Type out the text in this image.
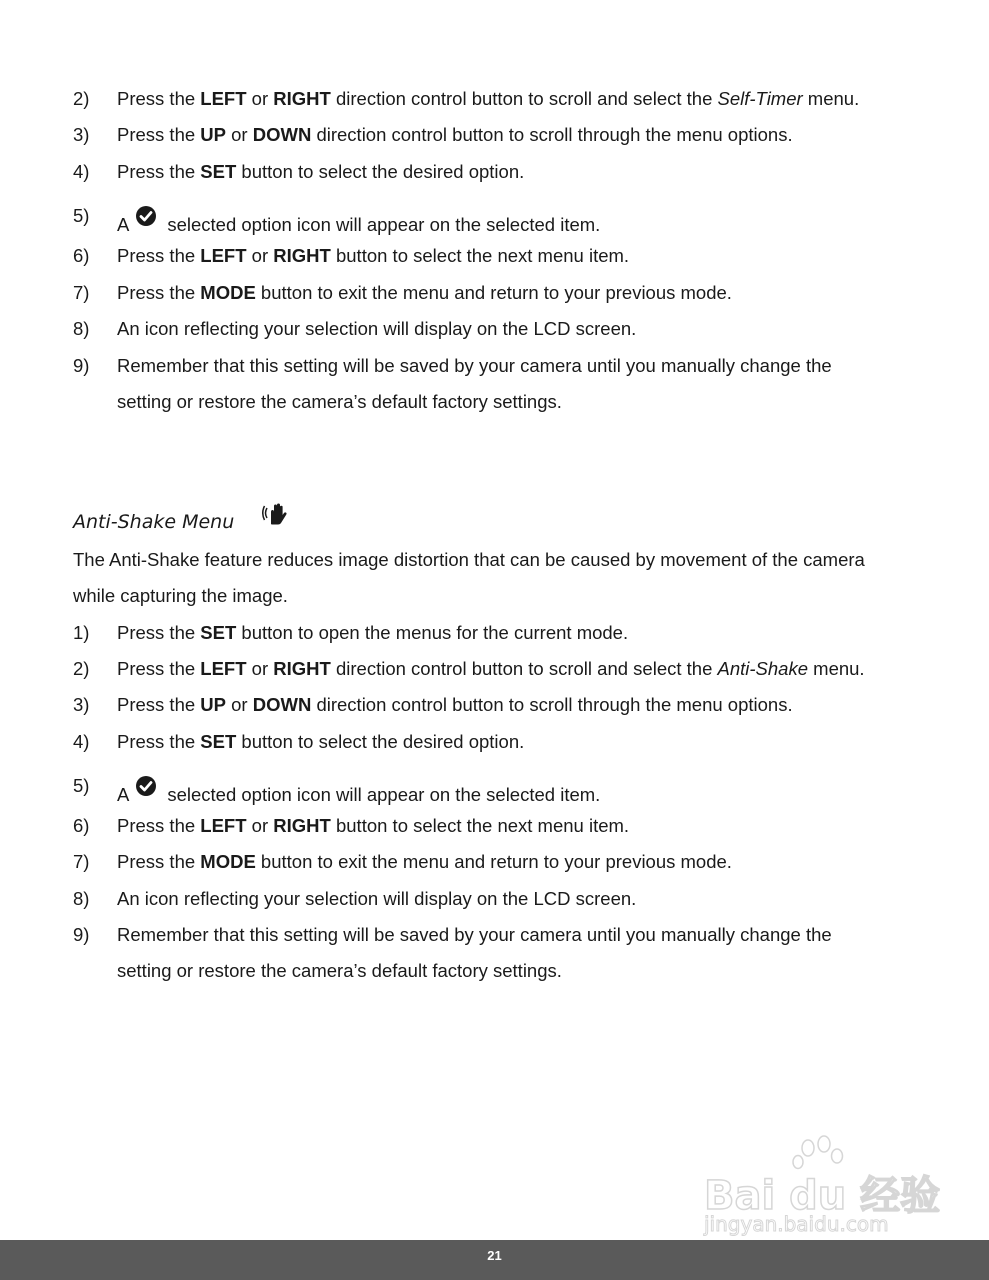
2) Press the LEFT or RIGHT direction control button to scroll and select the Self-Timer menu.
3) Press the UP or DOWN direction control button to scroll through the menu options.
4) Press the SET button to select the desired option.
5) A selected option icon will appear on the selected item.
6) Press the LEFT or RIGHT button to select the next menu item.
7) Press the MODE button to exit the menu and return to your previous mode.
8) An icon reflecting your selection will display on the LCD screen.
9) Remember that this setting will be saved by your camera until you manually change the
setting or restore the camera’s default factory settings.
Anti-Shake Menu
The Anti-Shake feature reduces image distortion that can be caused by movement of the camera
while capturing the image.
1) Press the SET button to open the menus for the current mode.
2) Press the LEFT or RIGHT direction control button to scroll and select the Anti-Shake menu.
3) Press the UP or DOWN direction control button to scroll through the menu options.
4) Press the SET button to select the desired option.
5) A selected option icon will appear on the selected item.
6) Press the LEFT or RIGHT button to select the next menu item.
7) Press the MODE button to exit the menu and return to your previous mode.
8) An icon reflecting your selection will display on the LCD screen.
9) Remember that this setting will be saved by your camera until you manually change the
setting or restore the camera’s default factory settings.
Bai du 经验
jingyan.baidu.com
21
